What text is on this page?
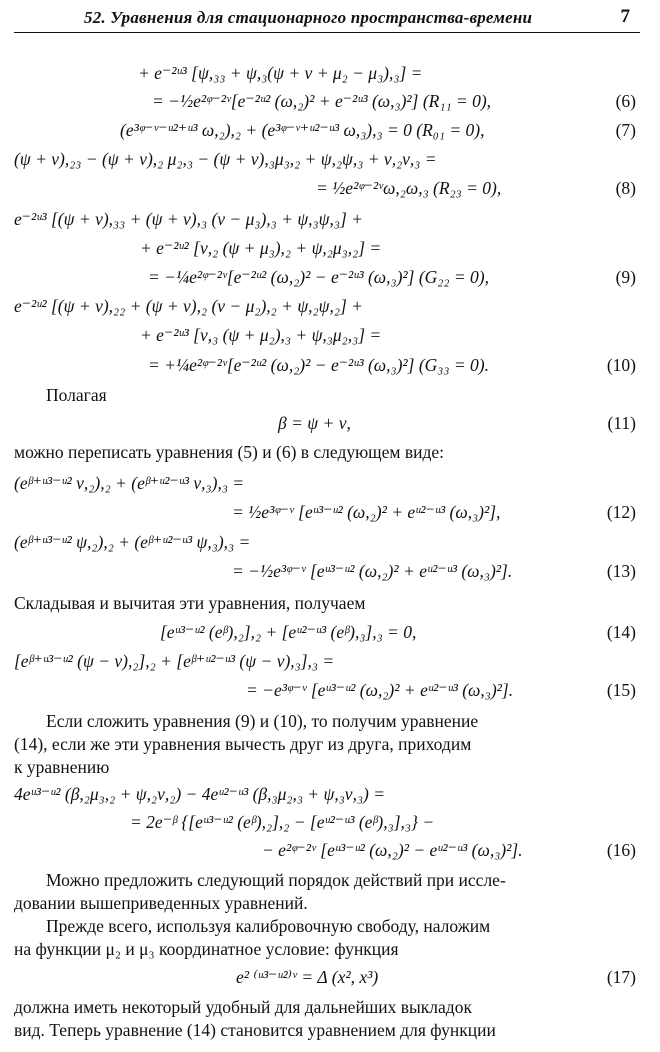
52. Уравнения для стационарного пространства-времени	7
+ e⁻²ᵘ³ [ψ,₃₃ + ψ,₃(ψ + ν + μ₂ − μ₃),₃] =
= −½e²ᵠ⁻²ᵛ[e⁻²ᵘ² (ω,₂)² + e⁻²ᵘ³ (ω,₃)²] (R₁₁ = 0),	(6)
(e³ᵠ⁻ᵛ⁻ᵘ²⁺ᵘ³ ω,₂),₂ + (e³ᵠ⁻ᵛ⁺ᵘ²⁻ᵘ³ ω,₃),₃ = 0 (R₀₁ = 0),	(7)
(ψ + ν),₂₃ − (ψ + ν),₂ μ₂,₃ − (ψ + ν),₃μ₃,₂ + ψ,₂ψ,₃ + ν,₂ν,₃ =
= ½e²ᵠ⁻²ᵛω,₂ω,₃ (R₂₃ = 0),	(8)
e⁻²ᵘ³ [(ψ + ν),₃₃ + (ψ + ν),₃ (ν − μ₃),₃ + ψ,₃ψ,₃] +
+ e⁻²ᵘ² [ν,₂ (ψ + μ₃),₂ + ψ,₂μ₃,₂] =
= −¼e²ᵠ⁻²ᵛ[e⁻²ᵘ² (ω,₂)² − e⁻²ᵘ³ (ω,₃)²] (G₂₂ = 0),	(9)
e⁻²ᵘ² [(ψ + ν),₂₂ + (ψ + ν),₂ (ν − μ₂),₂ + ψ,₂ψ,₂] +
+ e⁻²ᵘ³ [ν,₃ (ψ + μ₂),₃ + ψ,₃μ₂,₃] =
= +¼e²ᵠ⁻²ᵛ[e⁻²ᵘ² (ω,₂)² − e⁻²ᵘ³ (ω,₃)²] (G₃₃ = 0).	(10)
Полагая
β = ψ + ν,	(11)
можно переписать уравнения (5) и (6) в следующем виде:
(eᵝ⁺ᵘ³⁻ᵘ² ν,₂),₂ + (eᵝ⁺ᵘ²⁻ᵘ³ ν,₃),₃ =
= ½e³ᵠ⁻ᵛ [eᵘ³⁻ᵘ² (ω,₂)² + eᵘ²⁻ᵘ³ (ω,₃)²],	(12)
(eᵝ⁺ᵘ³⁻ᵘ² ψ,₂),₂ + (eᵝ⁺ᵘ²⁻ᵘ³ ψ,₃),₃ =
= −½e³ᵠ⁻ᵛ [eᵘ³⁻ᵘ² (ω,₂)² + eᵘ²⁻ᵘ³ (ω,₃)²].	(13)
Складывая и вычитая эти уравнения, получаем
[eᵘ³⁻ᵘ² (eᵝ),₂],₂ + [eᵘ²⁻ᵘ³ (eᵝ),₃],₃ = 0,	(14)
[eᵝ⁺ᵘ³⁻ᵘ² (ψ − ν),₂],₂ + [eᵝ⁺ᵘ²⁻ᵘ³ (ψ − ν),₃],₃ =
= −e³ᵠ⁻ᵛ [eᵘ³⁻ᵘ² (ω,₂)² + eᵘ²⁻ᵘ³ (ω,₃)²].	(15)
Если сложить уравнения (9) и (10), то получим уравнение
(14), если же эти уравнения вычесть друг из друга, приходим
к уравнению
4eᵘ³⁻ᵘ² (β,₂μ₃,₂ + ψ,₂ν,₂) − 4eᵘ²⁻ᵘ³ (β,₃μ₂,₃ + ψ,₃ν,₃) =
= 2e⁻ᵝ {[eᵘ³⁻ᵘ² (eᵝ),₂],₂ − [eᵘ²⁻ᵘ³ (eᵝ),₃],₃} −
− e²ᵠ⁻²ᵛ [eᵘ³⁻ᵘ² (ω,₂)² − eᵘ²⁻ᵘ³ (ω,₃)²].	(16)
Можно предложить следующий порядок действий при иссле-
довании вышеприведенных уравнений.
Прежде всего, используя калибровочную свободу, наложим
на функции μ₂ и μ₃ координатное условие: функция
e² ⁽ᵘ³⁻ᵘ²⁾ᵛ = Δ (x², x³)	(17)
должна иметь некоторый удобный для дальнейших выкладок
вид. Теперь уравнение (14) становится уравнением для функции
